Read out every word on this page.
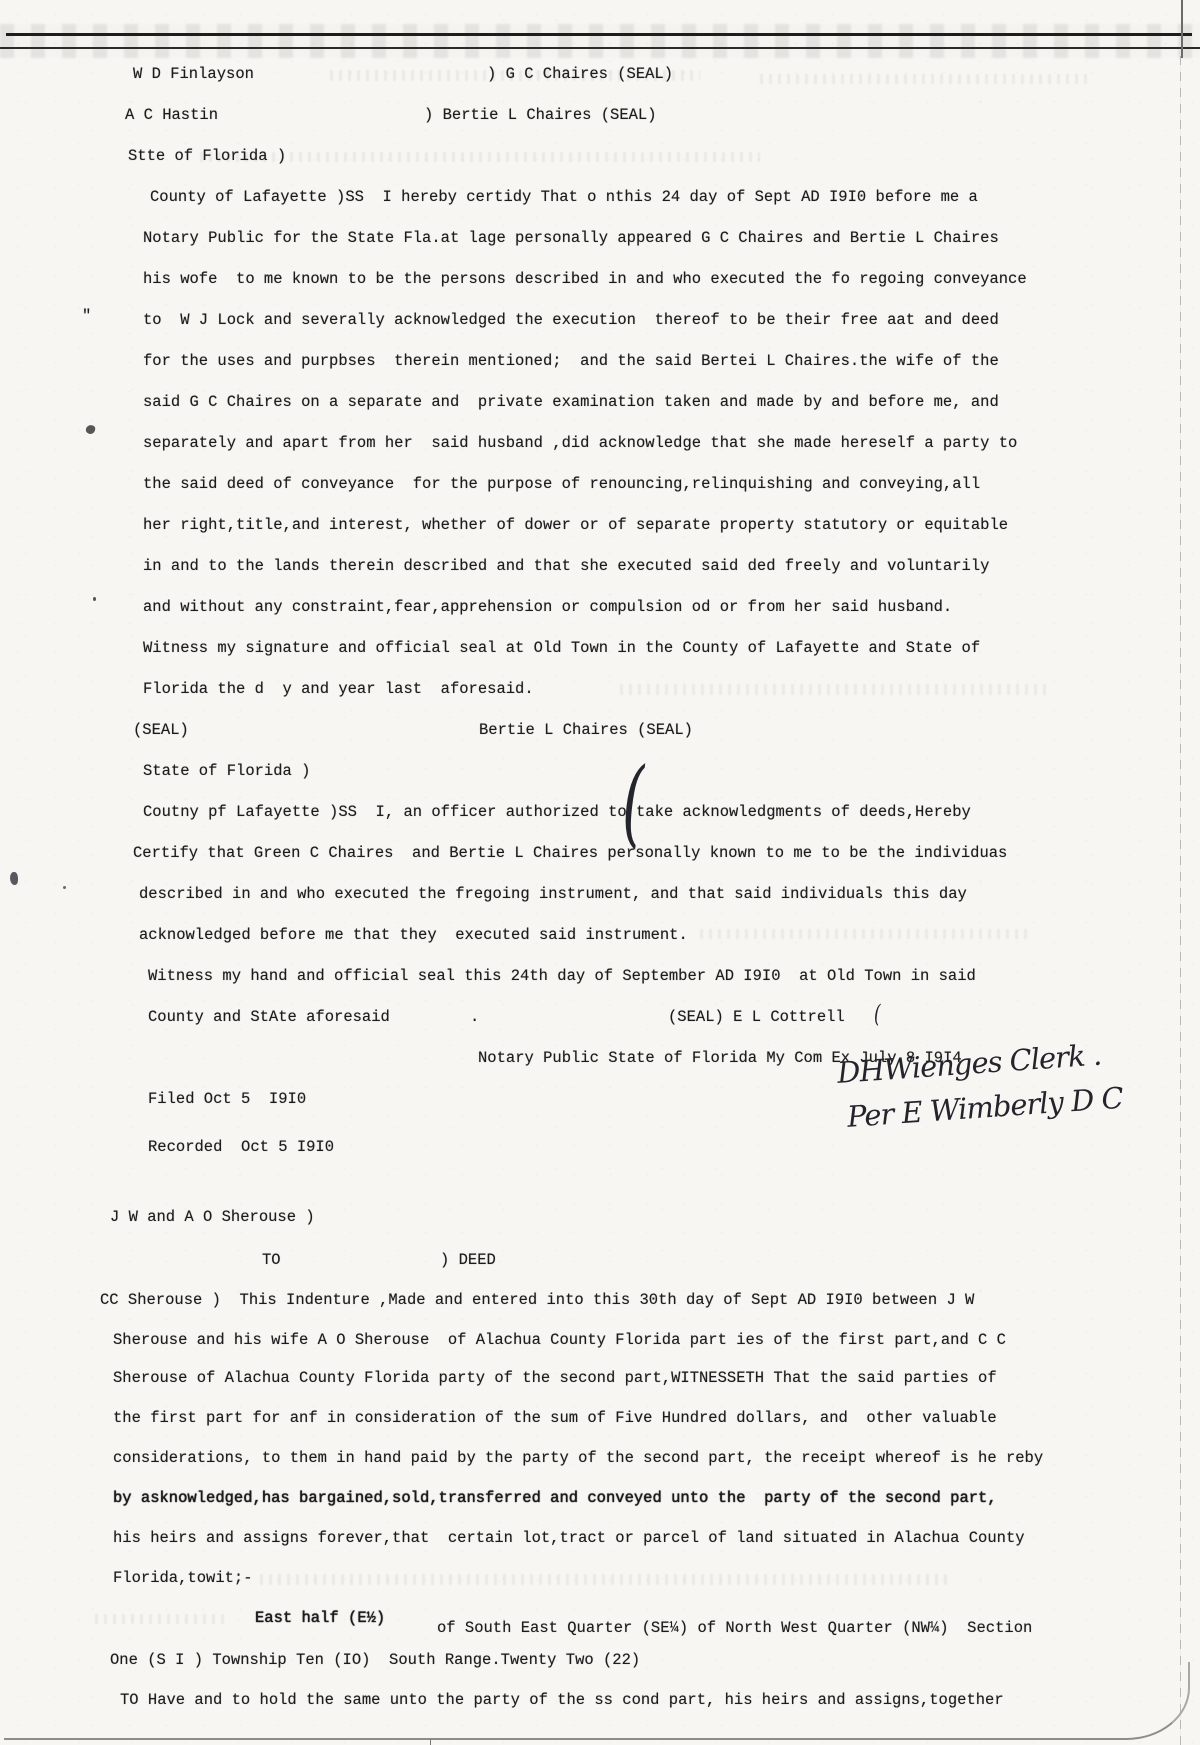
W D Finlayson	) G C Chaires (SEAL)
A C Hastin	) Bertie L Chaires (SEAL)
Stte of Florida )
County of Lafayette )SS  I hereby certidy That o nthis 24 day of Sept AD I9I0 before me a
Notary Public for the State Fla.at lage personally appeared G C Chaires and Bertie L Chaires
his wofe  to me known to be the persons described in and who executed the fo regoing conveyance
"	to  W J Lock and severally acknowledged the execution  thereof to be their free aat and deed
for the uses and purpbses  therein mentioned;  and the said Bertei L Chaires.the wife of the
said G C Chaires on a separate and  private examination taken and made by and before me, and
separately and apart from her  said husband ,did acknowledge that she made hereself a party to
the said deed of conveyance  for the purpose of renouncing,relinquishing and conveying,all
her right,title,and interest, whether of dower or of separate property statutory or equitable
in and to the lands therein described and that she executed said ded freely and voluntarily
and without any constraint,fear,apprehension or compulsion od or from her said husband.
Witness my signature and official seal at Old Town in the County of Lafayette and State of
Florida the d  y and year last  aforesaid.
(SEAL)	Bertie L Chaires (SEAL)
State of Florida )
Coutny pf Lafayette )SS  I, an officer authorized to take acknowledgments of deeds,Hereby
Certify that Green C Chaires  and Bertie L Chaires personally known to me to be the individuas
described in and who executed the fregoing instrument, and that said individuals this day
acknowledged before me that they  executed said instrument.
Witness my hand and official seal this 24th day of September AD I9I0  at Old Town in said
County and StAte aforesaid	.	(SEAL) E L Cottrell
Notary Public State of Florida My Com Ex July 8 I9I4
Filed Oct 5  I9I0
Recorded  Oct 5 I9I0
J W and A O Sherouse )
TO	) DEED
CC Sherouse )  This Indenture ,Made and entered into this 30th day of Sept AD I9I0 between J W
Sherouse and his wife A O Sherouse  of Alachua County Florida part ies of the first part,and C C
Sherouse of Alachua County Florida party of the second part,WITNESSETH That the said parties of
the first part for anf in consideration of the sum of Five Hundred dollars, and  other valuable
considerations, to them in hand paid by the party of the second part, the receipt whereof is he reby
by asknowledged,has bargained,sold,transferred and conveyed unto the  party of the second part,
his heirs and assigns forever,that  certain lot,tract or parcel of land situated in Alachua County
Florida,towit;-
East half (E½)
of South East Quarter (SE¼) of North West Quarter (NW¼)  Section
One (S I ) Township Ten (IO)  South Range.Twenty Two (22)
TO Have and to hold the same unto the party of the ss cond part, his heirs and assigns,together
(
(
DHWienges Clerk .
Per E Wimberly D C
